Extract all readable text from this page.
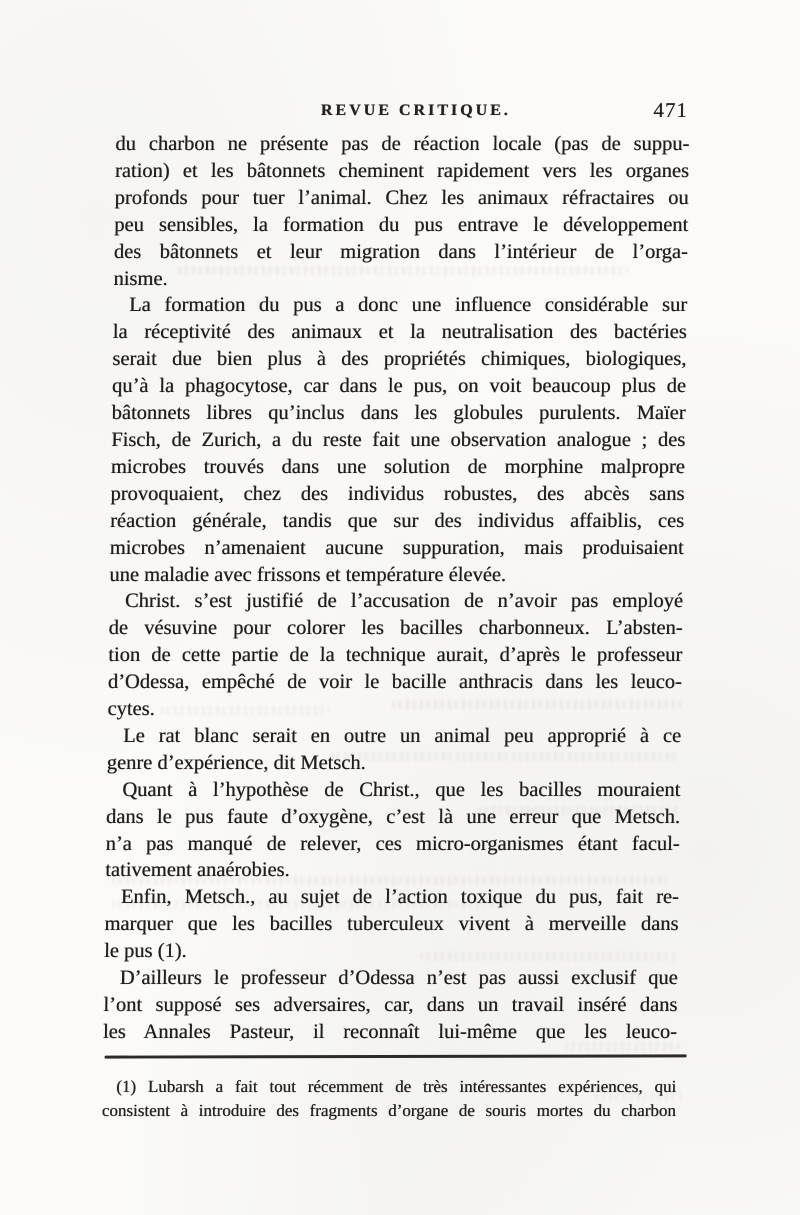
REVUE CRITIQUE.	471
du charbon ne présente pas de réaction locale (pas de suppu-
ration) et les bâtonnets cheminent rapidement vers les organes
profonds pour tuer l’animal. Chez les animaux réfractaires ou
peu sensibles, la formation du pus entrave le développement
des bâtonnets et leur migration dans l’intérieur de l’orga-
nisme.
La formation du pus a donc une influence considérable sur
la réceptivité des animaux et la neutralisation des bactéries
serait due bien plus à des propriétés chimiques, biologiques,
qu’à la phagocytose, car dans le pus, on voit beaucoup plus de
bâtonnets libres qu’inclus dans les globules purulents. Maïer
Fisch, de Zurich, a du reste fait une observation analogue ; des
microbes trouvés dans une solution de morphine malpropre
provoquaient, chez des individus robustes, des abcès sans
réaction générale, tandis que sur des individus affaiblis, ces
microbes n’amenaient aucune suppuration, mais produisaient
une maladie avec frissons et température élevée.
Christ. s’est justifié de l’accusation de n’avoir pas employé
de vésuvine pour colorer les bacilles charbonneux. L’absten-
tion de cette partie de la technique aurait, d’après le professeur
d’Odessa, empêché de voir le bacille anthracis dans les leuco-
cytes.
Le rat blanc serait en outre un animal peu approprié à ce
genre d’expérience, dit Metsch.
Quant à l’hypothèse de Christ., que les bacilles mouraient
dans le pus faute d’oxygène, c’est là une erreur que Metsch.
n’a pas manqué de relever, ces micro-organismes étant facul-
tativement anaérobies.
Enfin, Metsch., au sujet de l’action toxique du pus, fait re-
marquer que les bacilles tuberculeux vivent à merveille dans
le pus (1).
D’ailleurs le professeur d’Odessa n’est pas aussi exclusif que
l’ont supposé ses adversaires, car, dans un travail inséré dans
les Annales Pasteur, il reconnaît lui-même que les leuco-
(1) Lubarsh a fait tout récemment de très intéressantes expériences, qui
consistent à introduire des fragments d’organe de souris mortes du charbon
